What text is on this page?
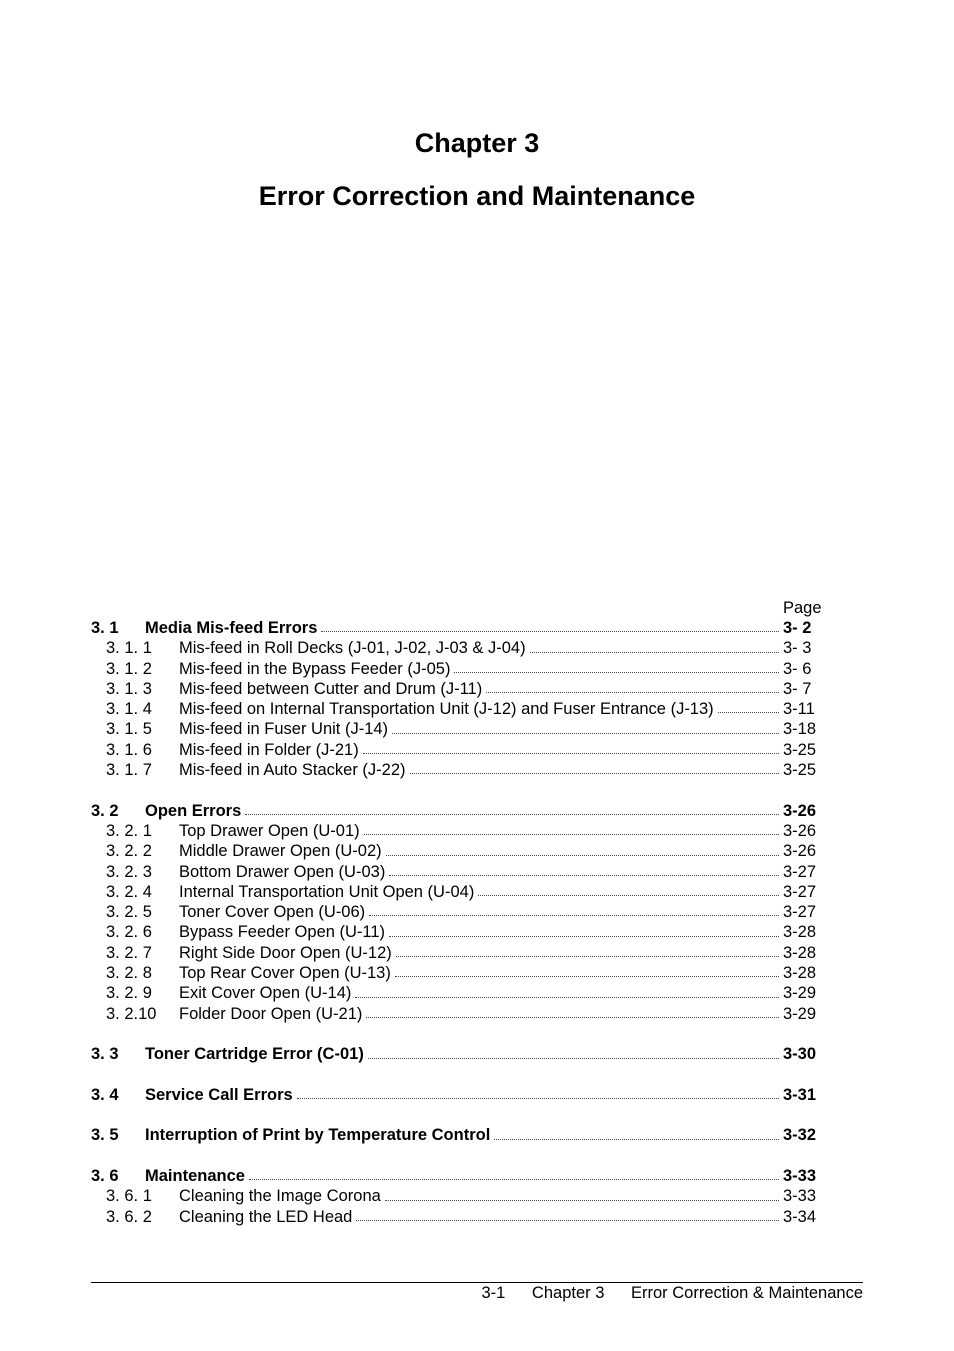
Chapter 3
Error Correction and Maintenance
Page
3. 1 Media Mis-feed Errors	3- 2
3. 1. 1 Mis-feed in Roll Decks (J-01, J-02, J-03 & J-04)	3- 3
3. 1. 2 Mis-feed in the Bypass Feeder (J-05)	3- 6
3. 1. 3 Mis-feed between Cutter and Drum (J-11)	3- 7
3. 1. 4 Mis-feed on Internal Transportation Unit (J-12) and Fuser Entrance (J-13)	3-11
3. 1. 5 Mis-feed in Fuser Unit (J-14)	3-18
3. 1. 6 Mis-feed in Folder (J-21)	3-25
3. 1. 7 Mis-feed in Auto Stacker (J-22)	3-25
3. 2 Open Errors	3-26
3. 2. 1 Top Drawer Open (U-01)	3-26
3. 2. 2 Middle Drawer Open (U-02)	3-26
3. 2. 3 Bottom Drawer Open (U-03)	3-27
3. 2. 4 Internal Transportation Unit Open (U-04)	3-27
3. 2. 5 Toner Cover Open (U-06)	3-27
3. 2. 6 Bypass Feeder Open (U-11)	3-28
3. 2. 7 Right Side Door Open (U-12)	3-28
3. 2. 8 Top Rear Cover Open (U-13)	3-28
3. 2. 9 Exit Cover Open (U-14)	3-29
3. 2.10 Folder Door Open (U-21)	3-29
3. 3 Toner Cartridge Error (C-01)	3-30
3. 4 Service Call Errors	3-31
3. 5 Interruption of Print by Temperature Control	3-32
3. 6 Maintenance	3-33
3. 6. 1 Cleaning the Image Corona	3-33
3. 6. 2 Cleaning the LED Head	3-34
3-1 Chapter 3 Error Correction & Maintenance
